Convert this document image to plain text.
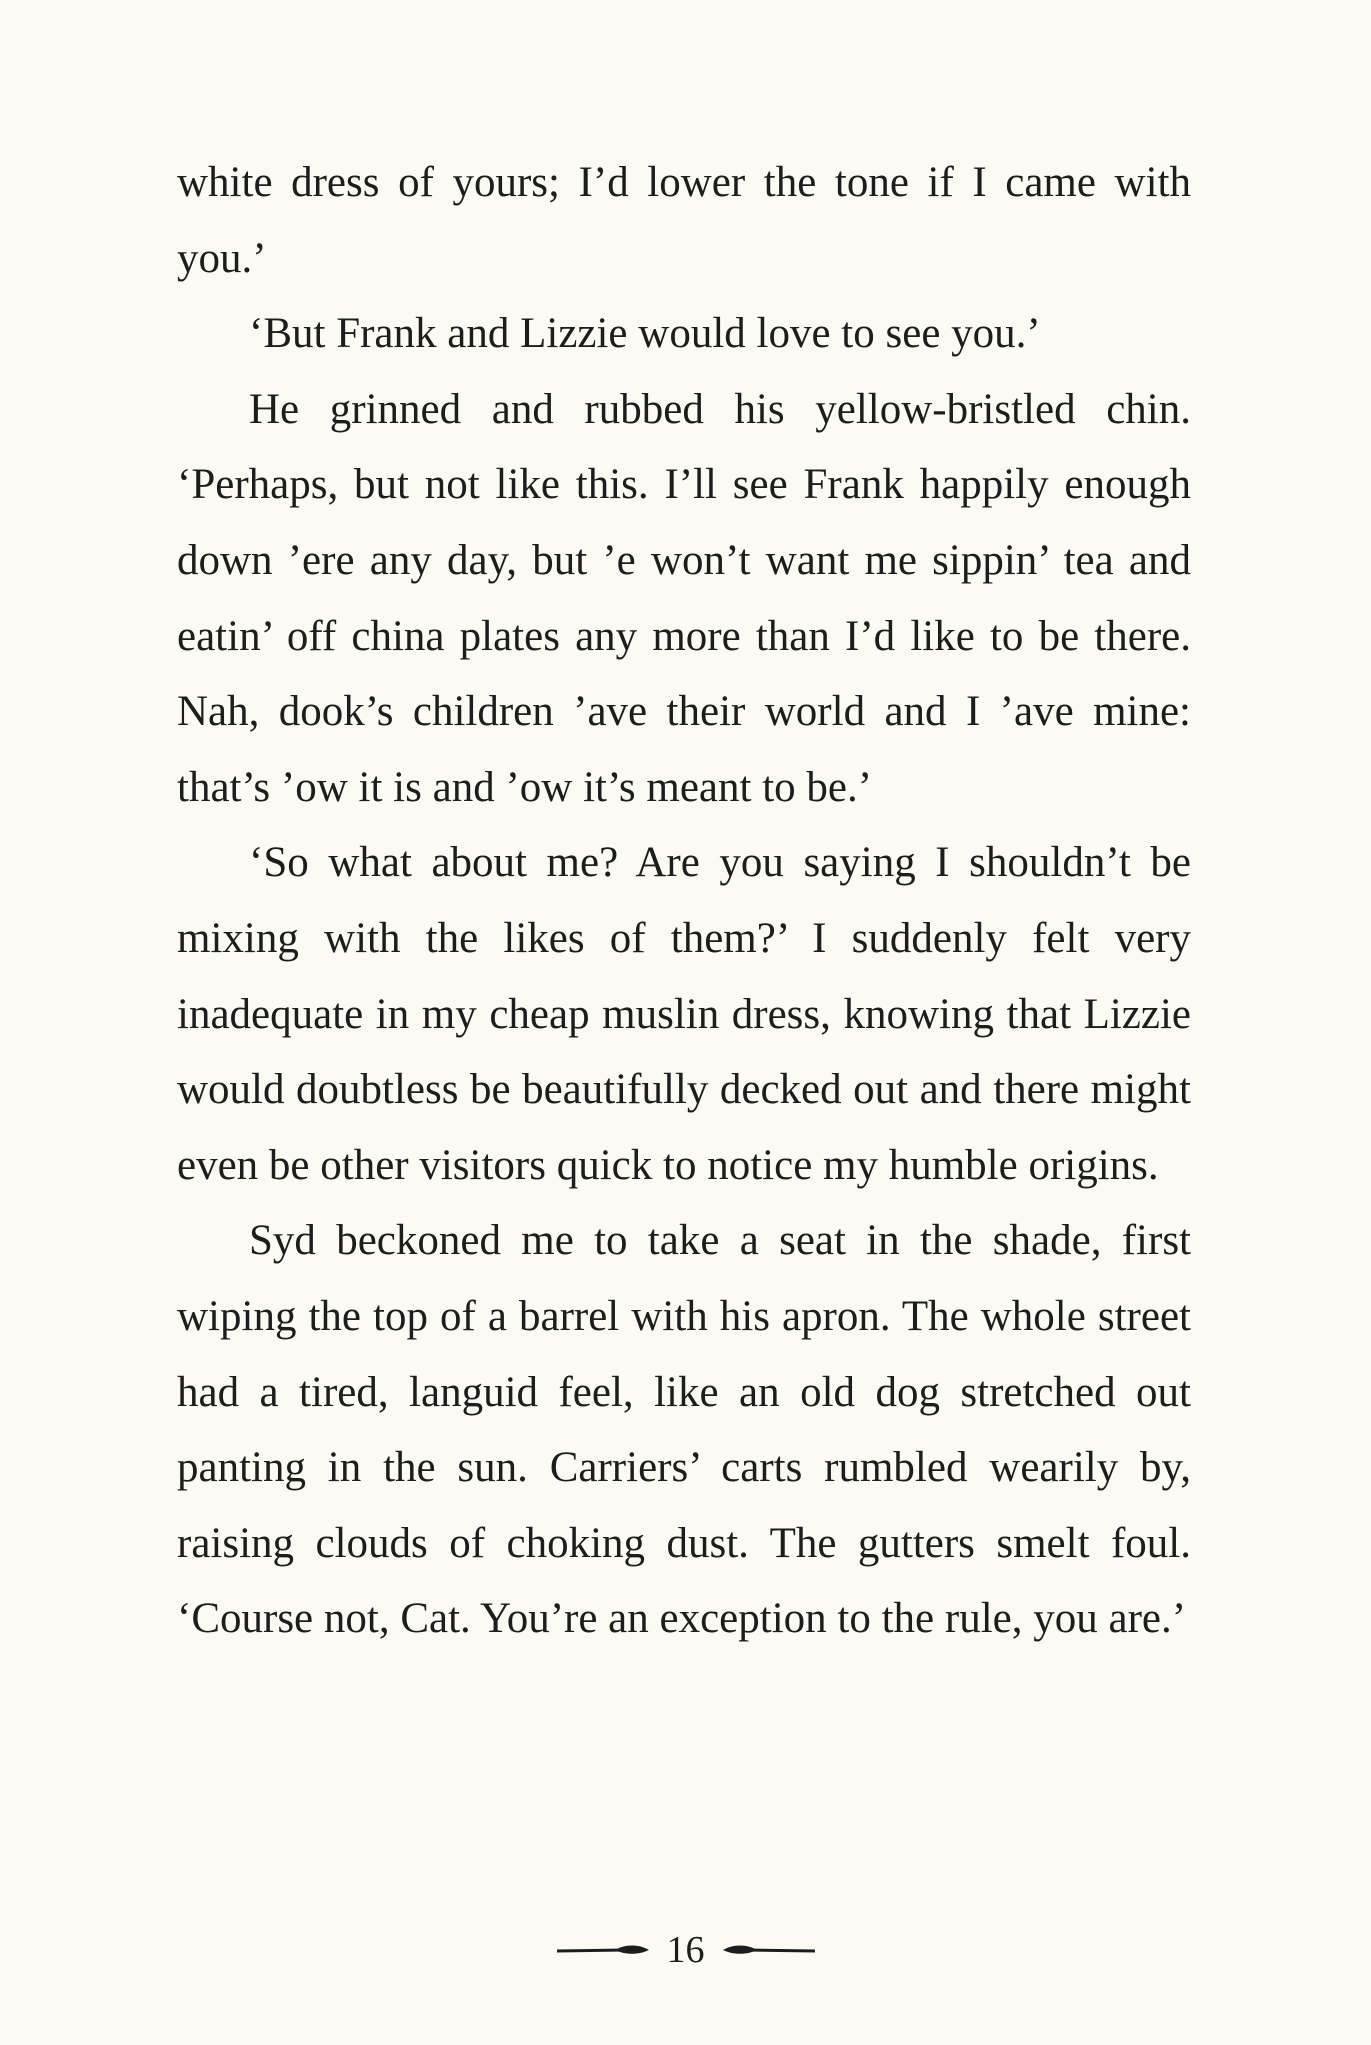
white dress of yours; I’d lower the tone if I came with you.’

‘But Frank and Lizzie would love to see you.’

He grinned and rubbed his yellow-bristled chin. ‘Perhaps, but not like this. I’ll see Frank happily enough down ’ere any day, but ’e won’t want me sippin’ tea and eatin’ off china plates any more than I’d like to be there. Nah, dook’s children ’ave their world and I ’ave mine: that’s ’ow it is and ’ow it’s meant to be.’

‘So what about me? Are you saying I shouldn’t be mixing with the likes of them?’ I suddenly felt very inadequate in my cheap muslin dress, knowing that Lizzie would doubtless be beautifully decked out and there might even be other visitors quick to notice my humble origins.

Syd beckoned me to take a seat in the shade, first wiping the top of a barrel with his apron. The whole street had a tired, languid feel, like an old dog stretched out panting in the sun. Carriers’ carts rumbled wearily by, raising clouds of choking dust. The gutters smelt foul. ‘Course not, Cat. You’re an exception to the rule, you are.’

16
